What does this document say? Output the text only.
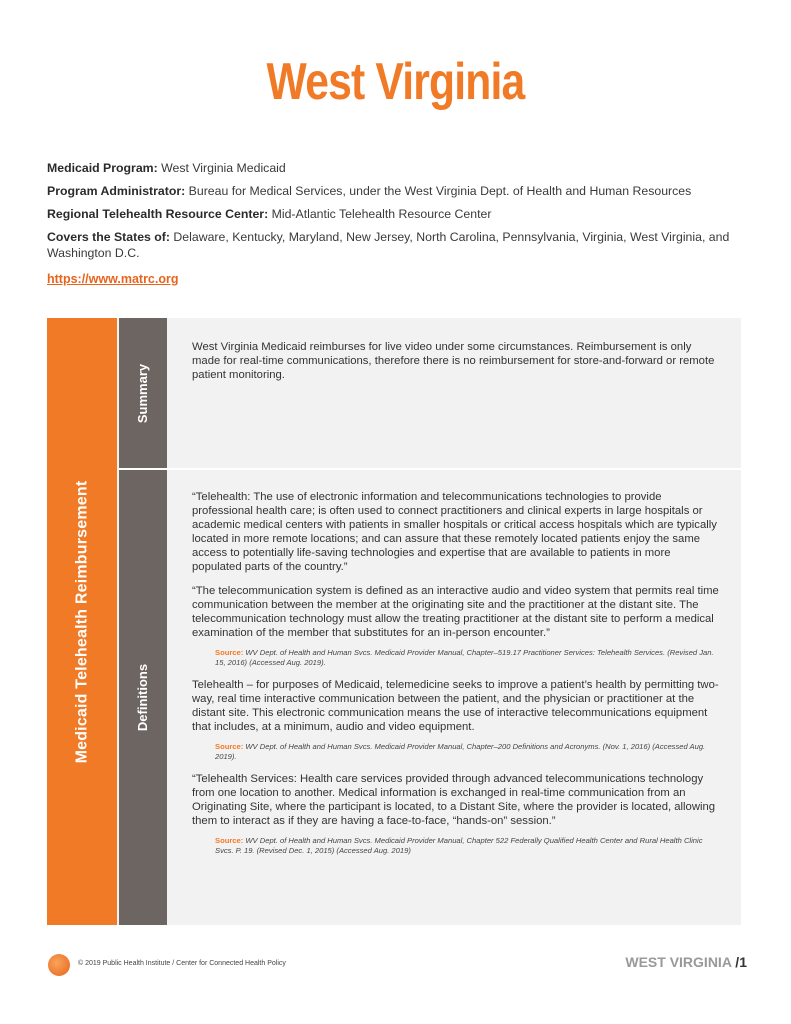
West Virginia
Medicaid Program: West Virginia Medicaid
Program Administrator: Bureau for Medical Services, under the West Virginia Dept. of Health and Human Resources
Regional Telehealth Resource Center: Mid-Atlantic Telehealth Resource Center
Covers the States of: Delaware, Kentucky, Maryland, New Jersey, North Carolina, Pennsylvania, Virginia, West Virginia, and Washington D.C.
https://www.matrc.org
Medicaid Telehealth Reimbursement
Summary
Definitions

West Virginia Medicaid reimburses for live video under some circumstances. Reimbursement is only made for real-time communications, therefore there is no reimbursement for store-and-forward or remote patient monitoring.

“Telehealth: The use of electronic information and telecommunications technologies to provide professional health care; is often used to connect practitioners and clinical experts in large hospitals or academic medical centers with patients in smaller hospitals or critical access hospitals which are typically located in more remote locations; and can assure that these remotely located patients enjoy the same access to potentially life-saving technologies and expertise that are available to patients in more populated parts of the country.”

“The telecommunication system is defined as an interactive audio and video system that permits real time communication between the member at the originating site and the practitioner at the distant site. The telecommunication technology must allow the treating practitioner at the distant site to perform a medical examination of the member that substitutes for an in-person encounter.”

Source: WV Dept. of Health and Human Svcs. Medicaid Provider Manual, Chapter–519.17 Practitioner Services: Telehealth Services. (Revised Jan. 15, 2016) (Accessed Aug. 2019).

Telehealth – for purposes of Medicaid, telemedicine seeks to improve a patient’s health by permitting two-way, real time interactive communication between the patient, and the physician or practitioner at the distant site. This electronic communication means the use of interactive telecommunications equipment that includes, at a minimum, audio and video equipment.

Source: WV Dept. of Health and Human Svcs. Medicaid Provider Manual, Chapter–200 Definitions and Acronyms. (Nov. 1, 2016) (Accessed Aug. 2019).

“Telehealth Services: Health care services provided through advanced telecommunications technology from one location to another. Medical information is exchanged in real-time communication from an Originating Site, where the participant is located, to a Distant Site, where the provider is located, allowing them to interact as if they are having a face-to-face, “hands-on” session.”

Source: WV Dept. of Health and Human Svcs. Medicaid Provider Manual, Chapter 522 Federally Qualified Health Center and Rural Health Clinic Svcs. P. 19. (Revised Dec. 1, 2015) (Accessed Aug. 2019)
© 2019 Public Health Institute / Center for Connected Health Policy	WEST VIRGINIA /1
